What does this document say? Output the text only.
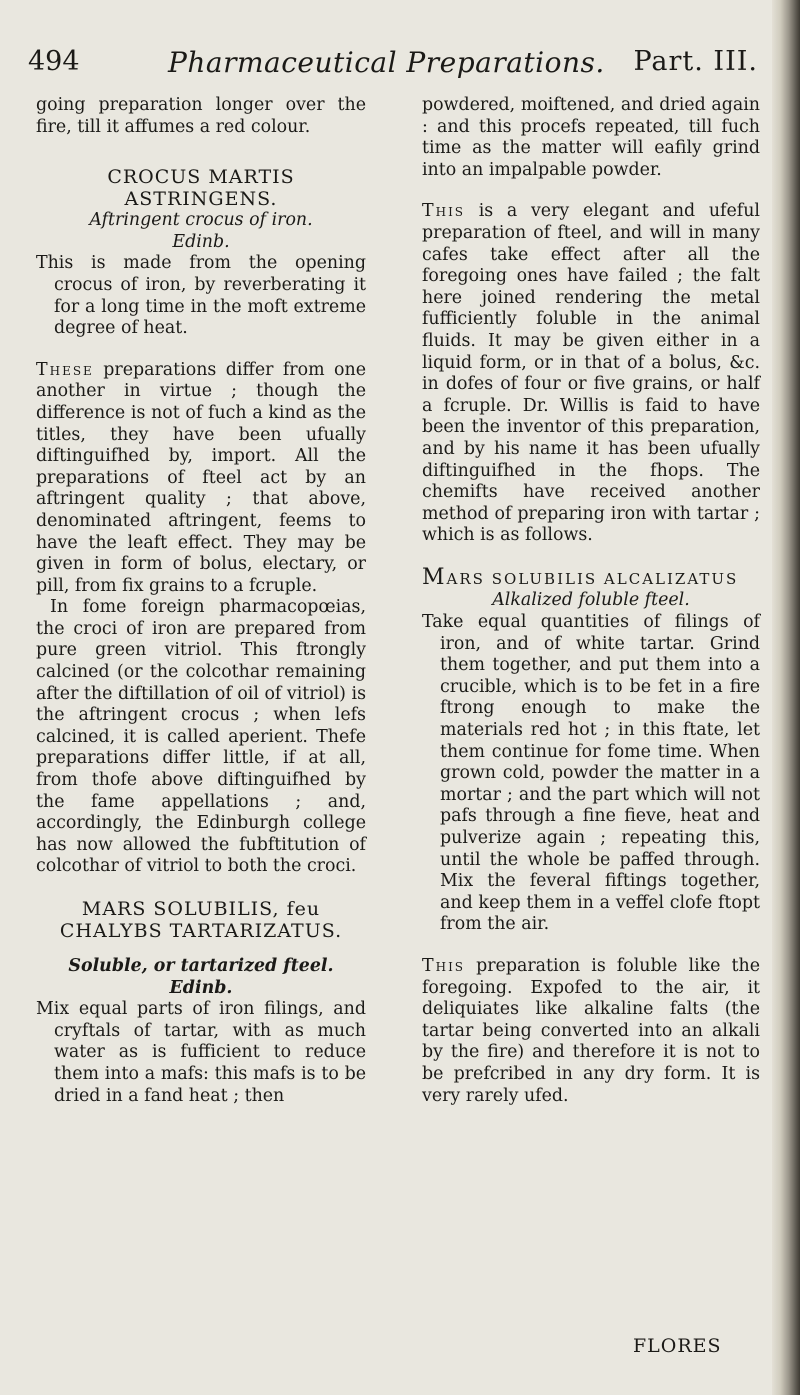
494	Pharmaceutical Preparations. Part. III.

going preparation longer over the fire, till it affumes a red colour.

CROCUS MARTIS ASTRINGENS.

Aftringent crocus of iron.

Edinb.

This is made from the opening crocus of iron, by reverberating it for a long time in the moft extreme degree of heat.

These preparations differ from one another in virtue ; though the difference is not of fuch a kind as the titles, they have been ufually diftinguifhed by, import. All the preparations of fteel act by an aftringent quality ; that above, denominated aftringent, feems to have the leaft effect. They may be given in form of bolus, electary, or pill, from fix grains to a fcruple.

In fome foreign pharmacopœias, the croci of iron are prepared from pure green vitriol. This ftrongly calcined (or the colcothar remaining after the diftillation of oil of vitriol) is the aftringent crocus ; when lefs calcined, it is called aperient. Thefe preparations differ little, if at all, from thofe above diftinguifhed by the fame appellations ; and, accordingly, the Edinburgh college has now allowed the fubftitution of colcothar of vitriol to both the croci.

MARS SOLUBILIS, feu

CHALYBS TARTARIZATUS.

Soluble, or tartarized fteel.

Edinb.

Mix equal parts of iron filings, and cryftals of tartar, with as much water as is fufficient to reduce them into a mafs: this mafs is to be dried in a fand heat ; then

powdered, moiftened, and dried again : and this procefs repeated, till fuch time as the matter will eafily grind into an impalpable powder.

This is a very elegant and ufeful preparation of fteel, and will in many cafes take effect after all the foregoing ones have failed ; the falt here joined rendering the metal fufficiently foluble in the animal fluids. It may be given either in a liquid form, or in that of a bolus, &c. in dofes of four or five grains, or half a fcruple. Dr. Willis is faid to have been the inventor of this preparation, and by his name it has been ufually diftinguifhed in the fhops. The chemifts have received another method of preparing iron with tartar ; which is as follows.

MARS SOLUBILIS ALCALIZATUS

Alkalized foluble fteel.

Take equal quantities of filings of iron, and of white tartar. Grind them together, and put them into a crucible, which is to be fet in a fire ftrong enough to make the materials red hot ; in this ftate, let them continue for fome time. When grown cold, powder the matter in a mortar ; and the part which will not pafs through a fine fieve, heat and pulverize again ; repeating this, until the whole be paffed through. Mix the feveral fiftings together, and keep them in a veffel clofe ftopt from the air.

This preparation is foluble like the foregoing. Expofed to the air, it deliquiates like alkaline falts (the tartar being converted into an alkali by the fire) and therefore it is not to be prefcribed in any dry form. It is very rarely ufed.

FLORES
